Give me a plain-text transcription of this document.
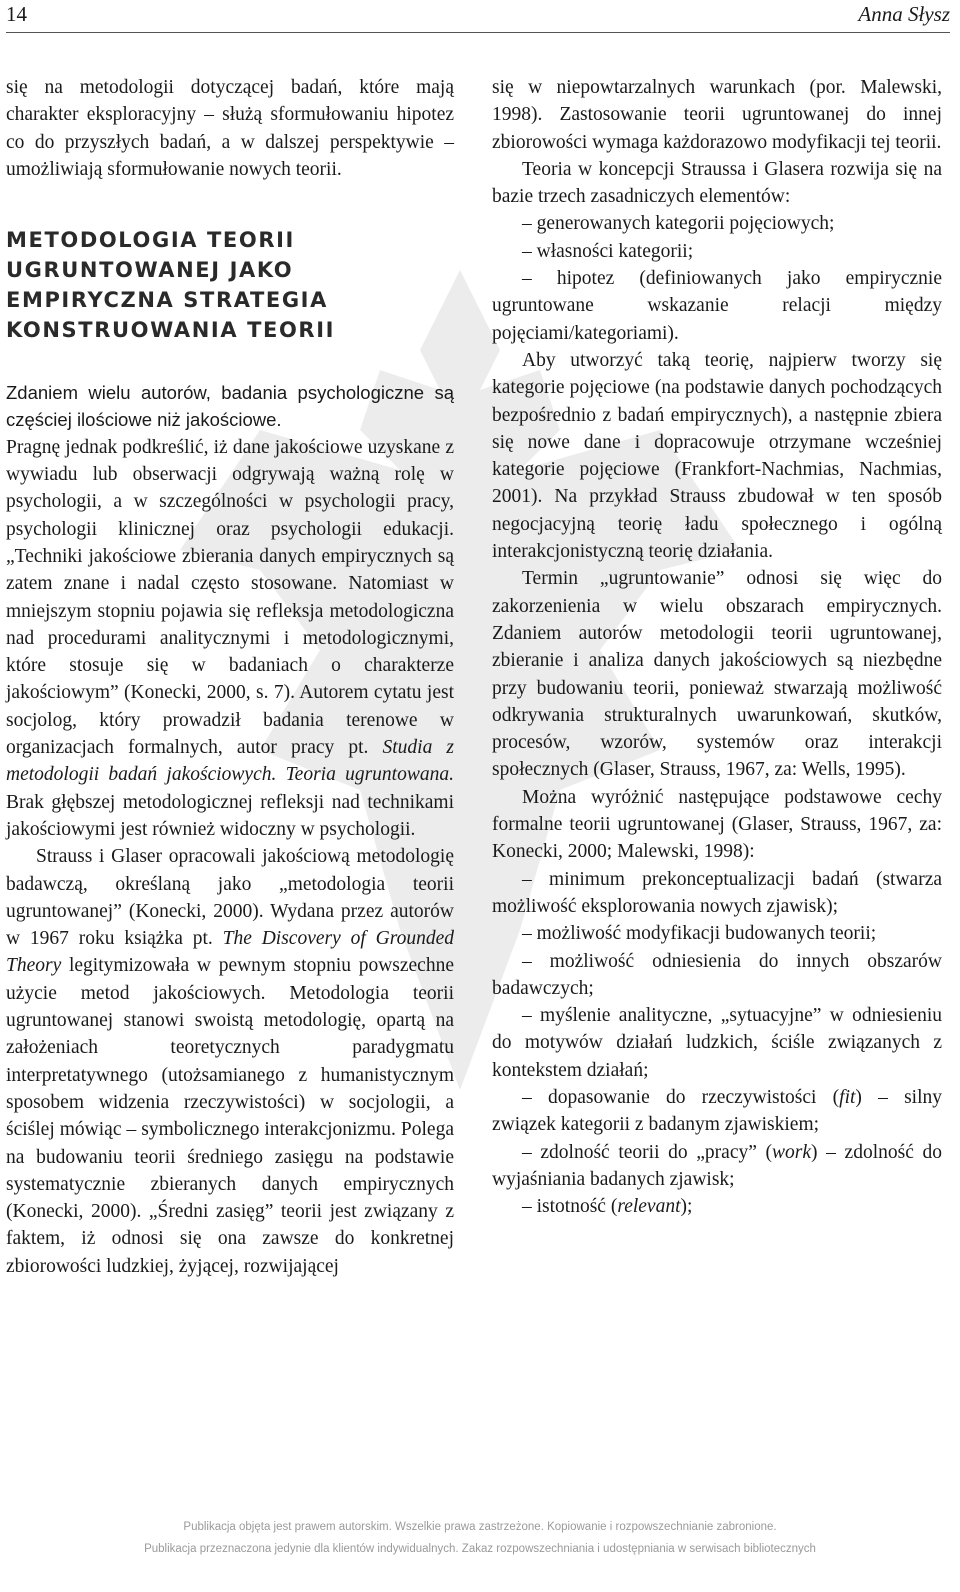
14	Anna Słysz

się na metodologii dotyczącej badań, które mają charakter eksploracyjny – służą sformułowaniu hipotez co do przyszłych badań, a w dalszej perspektywie – umożliwiają sformułowanie nowych teorii.

METODOLOGIA TEORII
UGRUNTOWANEJ JAKO
EMPIRYCZNA STRATEGIA
KONSTRUOWANIA TEORII

Zdaniem wielu autorów, badania psychologiczne są częściej ilościowe niż jakościowe.

Pragnę jednak podkreślić, iż dane jakościowe uzyskane z wywiadu lub obserwacji odgrywają ważną rolę w psychologii, a w szczególności w psychologii pracy, psychologii klinicznej oraz psychologii edukacji. „Techniki jakościowe zbierania danych empirycznych są zatem znane i nadal często stosowane. Natomiast w mniejszym stopniu pojawia się refleksja metodologiczna nad procedurami analitycznymi i metodologicznymi, które stosuje się w badaniach o charakterze jakościowym” (Konecki, 2000, s. 7). Autorem cytatu jest socjolog, który prowadził badania terenowe w organizacjach formalnych, autor pracy pt. Studia z metodologii badań jakościowych. Teoria ugruntowana. Brak głębszej metodologicznej refleksji nad technikami jakościowymi jest również widoczny w psychologii.

Strauss i Glaser opracowali jakościową metodologię badawczą, określaną jako „metodologia teorii ugruntowanej” (Konecki, 2000). Wydana przez autorów w 1967 roku książka pt. The Discovery of Grounded Theory legitymizowała w pewnym stopniu powszechne użycie metod jakościowych. Metodologia teorii ugruntowanej stanowi swoistą metodologię, opartą na założeniach teoretycznych paradygmatu interpretatywnego (utożsamianego z humanistycznym sposobem widzenia rzeczywistości) w socjologii, a ściślej mówiąc – symbolicznego interakcjonizmu. Polega na budowaniu teorii średniego zasięgu na podstawie systematycznie zbieranych danych empirycznych (Konecki, 2000). „Średni zasięg” teorii jest związany z faktem, iż odnosi się ona zawsze do konkretnej zbiorowości ludzkiej, żyjącej, rozwijającej

się w niepowtarzalnych warunkach (por. Malewski, 1998). Zastosowanie teorii ugruntowanej do innej zbiorowości wymaga każdorazowo modyfikacji tej teorii.

Teoria w koncepcji Straussa i Glasera rozwija się na bazie trzech zasadniczych elementów:

– generowanych kategorii pojęciowych;

– własności kategorii;

– hipotez (definiowanych jako empirycznie ugruntowane wskazanie relacji między pojęciami/kategoriami).

Aby utworzyć taką teorię, najpierw tworzy się kategorie pojęciowe (na podstawie danych pochodzących bezpośrednio z badań empirycznych), a następnie zbiera się nowe dane i dopracowuje otrzymane wcześniej kategorie pojęciowe (Frankfort-Nachmias, Nachmias, 2001). Na przykład Strauss zbudował w ten sposób negocjacyjną teorię ładu społecznego i ogólną interakcjonistyczną teorię działania.

Termin „ugruntowanie” odnosi się więc do zakorzenienia w wielu obszarach empirycznych. Zdaniem autorów metodologii teorii ugruntowanej, zbieranie i analiza danych jakościowych są niezbędne przy budowaniu teorii, ponieważ stwarzają możliwość odkrywania strukturalnych uwarunkowań, skutków, procesów, wzorów, systemów oraz interakcji społecznych (Glaser, Strauss, 1967, za: Wells, 1995).

Można wyróżnić następujące podstawowe cechy formalne teorii ugruntowanej (Glaser, Strauss, 1967, za: Konecki, 2000; Malewski, 1998):

– minimum prekonceptualizacji badań (stwarza możliwość eksplorowania nowych zjawisk);

– możliwość modyfikacji budowanych teorii;

– możliwość odniesienia do innych obszarów badawczych;

– myślenie analityczne, „sytuacyjne” w odniesieniu do motywów działań ludzkich, ściśle związanych z kontekstem działań;

– dopasowanie do rzeczywistości (fit) – silny związek kategorii z badanym zjawiskiem;

– zdolność teorii do „pracy” (work) – zdolność do wyjaśniania badanych zjawisk;

– istotność (relevant);

Publikacja objęta jest prawem autorskim. Wszelkie prawa zastrzeżone. Kopiowanie i rozpowszechnianie zabronione.
Publikacja przeznaczona jedynie dla klientów indywidualnych. Zakaz rozpowszechniania i udostępniania w serwisach bibliotecznych
